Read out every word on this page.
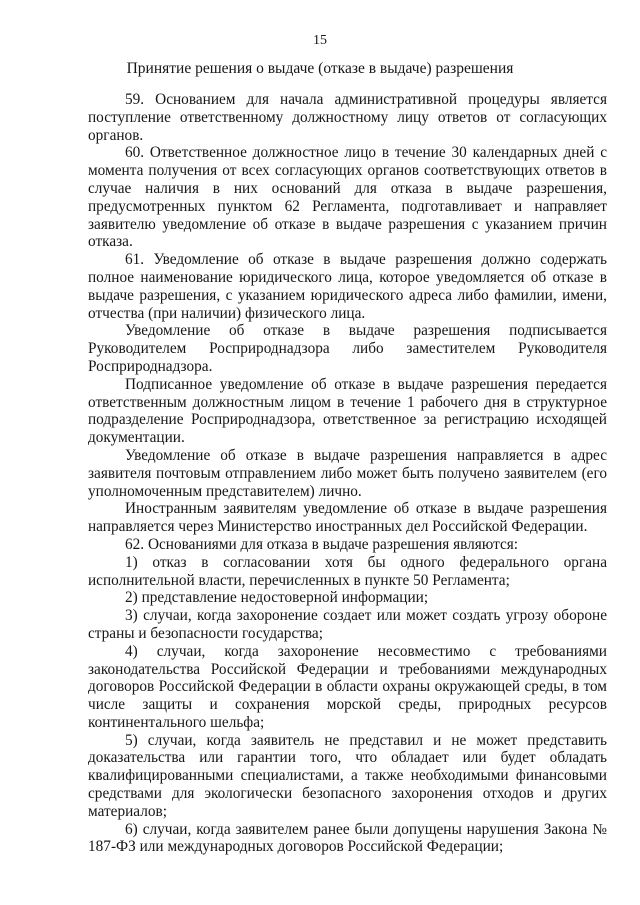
15
Принятие решения о выдаче (отказе в выдаче) разрешения

59. Основанием для начала административной процедуры является поступление ответственному должностному лицу ответов от согласующих органов.

60. Ответственное должностное лицо в течение 30 календарных дней с момента получения от всех согласующих органов соответствующих ответов в случае наличия в них оснований для отказа в выдаче разрешения, предусмотренных пунктом 62 Регламента, подготавливает и направляет заявителю уведомление об отказе в выдаче разрешения с указанием причин отказа.

61. Уведомление об отказе в выдаче разрешения должно содержать полное наименование юридического лица, которое уведомляется об отказе в выдаче разрешения, с указанием юридического адреса либо фамилии, имени, отчества (при наличии) физического лица.

Уведомление об отказе в выдаче разрешения подписывается Руководителем Росприроднадзора либо заместителем Руководителя Росприроднадзора.

Подписанное уведомление об отказе в выдаче разрешения передается ответственным должностным лицом в течение 1 рабочего дня в структурное подразделение Росприроднадзора, ответственное за регистрацию исходящей документации.

Уведомление об отказе в выдаче разрешения направляется в адрес заявителя почтовым отправлением либо может быть получено заявителем (его уполномоченным представителем) лично.

Иностранным заявителям уведомление об отказе в выдаче разрешения направляется через Министерство иностранных дел Российской Федерации.

62. Основаниями для отказа в выдаче разрешения являются:

1) отказ в согласовании хотя бы одного федерального органа исполнительной власти, перечисленных в пункте 50 Регламента;

2) представление недостоверной информации;

3) случаи, когда захоронение создает или может создать угрозу обороне страны и безопасности государства;

4) случаи, когда захоронение несовместимо с требованиями законодательства Российской Федерации и требованиями международных договоров Российской Федерации в области охраны окружающей среды, в том числе защиты и сохранения морской среды, природных ресурсов континентального шельфа;

5) случаи, когда заявитель не представил и не может представить доказательства или гарантии того, что обладает или будет обладать квалифицированными специалистами, а также необходимыми финансовыми средствами для экологически безопасного захоронения отходов и других материалов;

6) случаи, когда заявителем ранее были допущены нарушения Закона № 187-ФЗ или международных договоров Российской Федерации;
